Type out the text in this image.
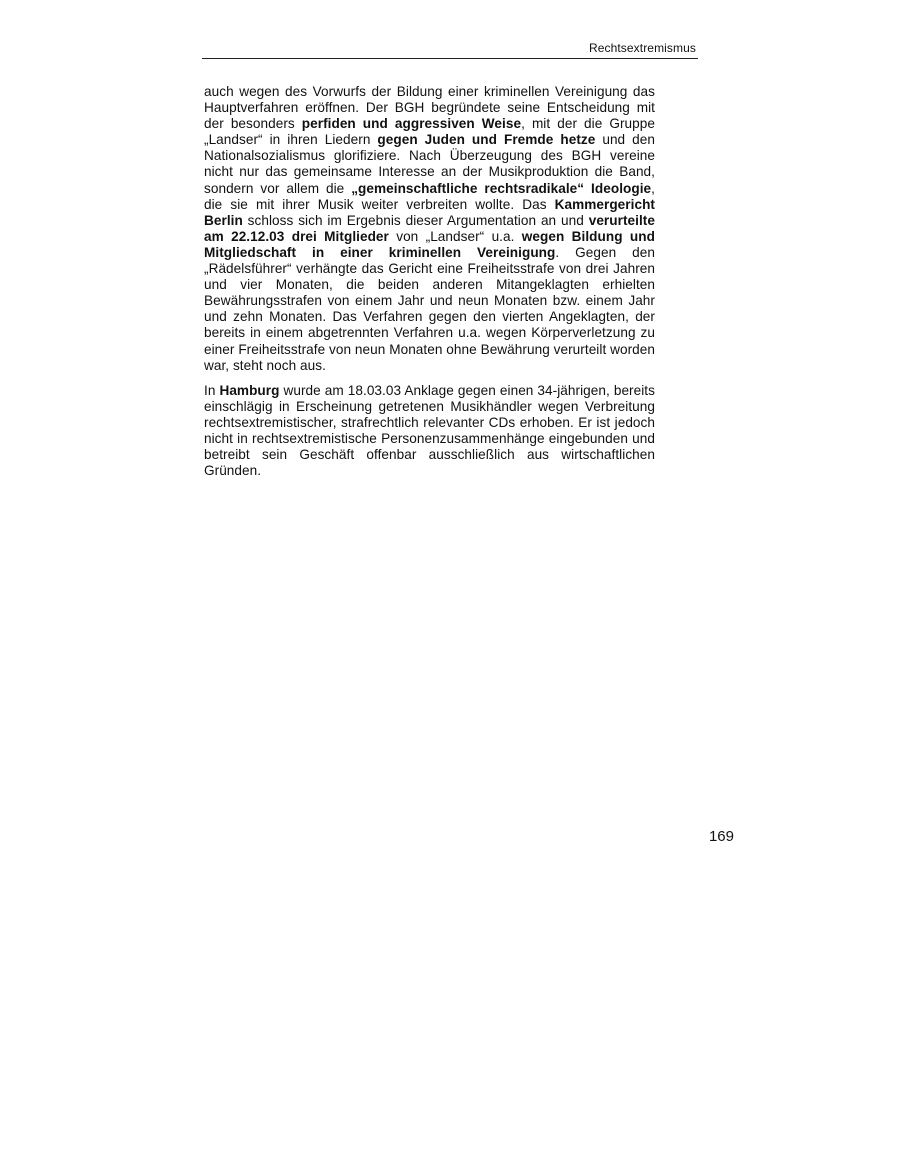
Rechtsextremismus

auch wegen des Vorwurfs der Bildung einer kriminellen Vereinigung das Hauptverfahren eröffnen. Der BGH begründete seine Entscheidung mit der besonders perfiden und aggressiven Weise, mit der die Gruppe „Landser“ in ihren Liedern gegen Juden und Fremde hetze und den Nationalsozialismus glorifiziere. Nach Überzeugung des BGH vereine nicht nur das gemeinsame Interesse an der Musikproduktion die Band, sondern vor allem die „gemeinschaftliche rechtsradikale“ Ideologie, die sie mit ihrer Musik weiter verbreiten wollte. Das Kammergericht Berlin schloss sich im Ergebnis dieser Argumentation an und verurteilte am 22.12.03 drei Mitglieder von „Landser“ u.a. wegen Bildung und Mitgliedschaft in einer kriminellen Vereinigung. Gegen den „Rädelsführer“ verhängte das Gericht eine Freiheitsstrafe von drei Jahren und vier Monaten, die beiden anderen Mitangeklagten erhielten Bewährungsstrafen von einem Jahr und neun Monaten bzw. einem Jahr und zehn Monaten. Das Verfahren gegen den vierten Angeklagten, der bereits in einem abgetrennten Verfahren u.a. wegen Körperverletzung zu einer Freiheitsstrafe von neun Monaten ohne Bewährung verurteilt worden war, steht noch aus.

In Hamburg wurde am 18.03.03 Anklage gegen einen 34-jährigen, bereits einschlägig in Erscheinung getretenen Musikhändler wegen Verbreitung rechtsextremistischer, strafrechtlich relevanter CDs erhoben. Er ist jedoch nicht in rechtsextremistische Personenzusammenhänge eingebunden und betreibt sein Geschäft offenbar ausschließlich aus wirtschaftlichen Gründen.

169
